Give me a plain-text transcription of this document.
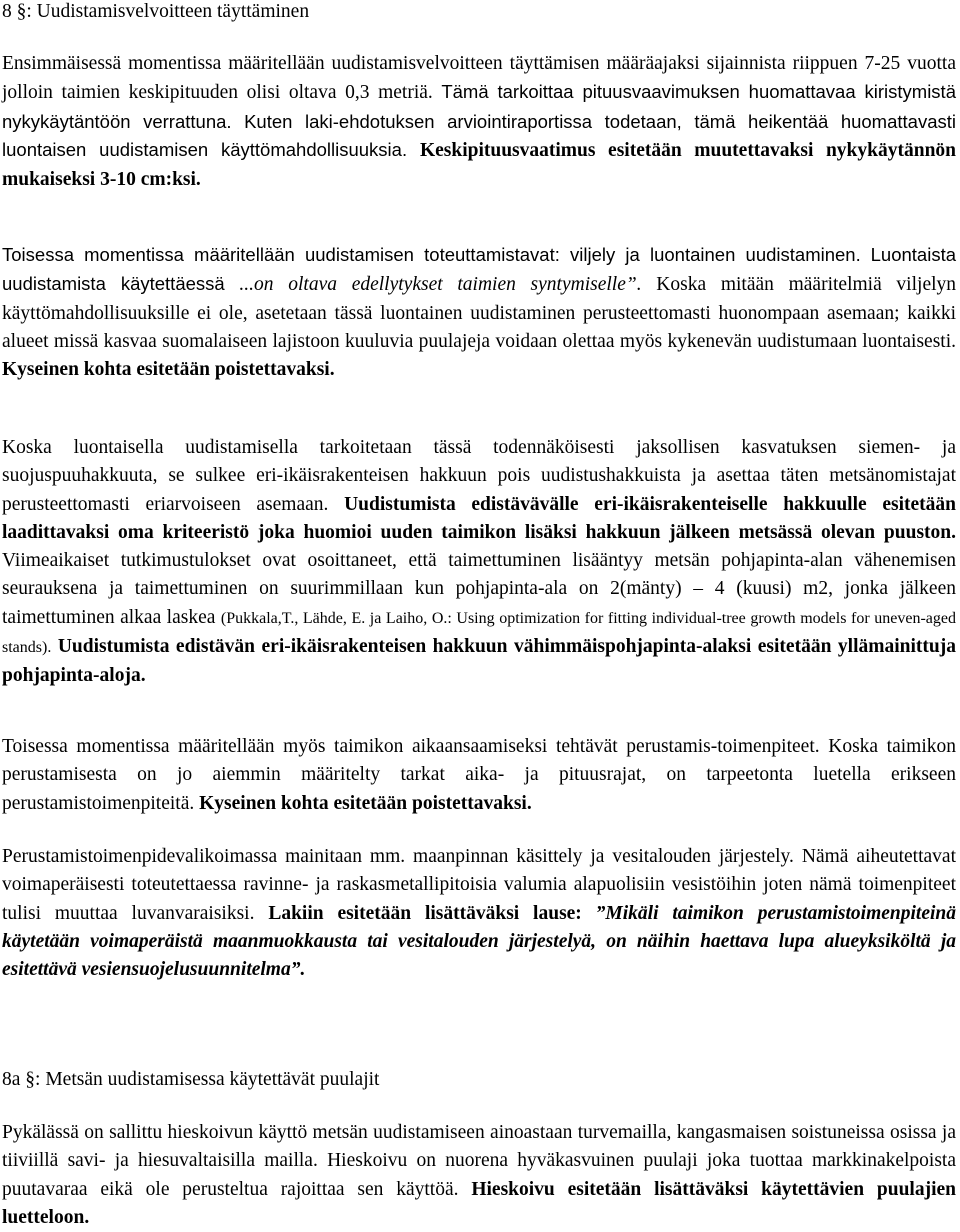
8 §: Uudistamisvelvoitteen täyttäminen

Ensimmäisessä momentissa määritellään uudistamisvelvoitteen täyttämisen määräajaksi sijainnista riippuen 7-25 vuotta jolloin taimien keskipituuden olisi oltava 0,3 metriä. Tämä tarkoittaa pituusvaavimuksen huomattavaa kiristymistä nykykäytäntöön verrattuna. Kuten laki-ehdotuksen arviointiraportissa todetaan, tämä heikentää huomattavasti luontaisen uudistamisen käyttömahdollisuuksia. Keskipituusvaatimus esitetään muutettavaksi nykykäytännön mukaiseksi 3-10 cm:ksi.

Toisessa momentissa määritellään uudistamisen toteuttamistavat: viljely ja luontainen uudistaminen. Luontaista uudistamista käytettäessä ...on oltava edellytykset taimien syntymiselle”. Koska mitään määritelmiä viljelyn käyttömahdollisuuksille ei ole, asetetaan tässä luontainen uudistaminen perusteettomasti huonompaan asemaan; kaikki alueet missä kasvaa suomalaiseen lajistoon kuuluvia puulajeja voidaan olettaa myös kykenevän uudistumaan luontaisesti. Kyseinen kohta esitetään poistettavaksi.

Koska luontaisella uudistamisella tarkoitetaan tässä todennäköisesti jaksollisen kasvatuksen siemen- ja suojuspuuhakkuuta, se sulkee eri-ikäisrakenteisen hakkuun pois uudistushakkuista ja asettaa täten metsänomistajat perusteettomasti eriarvoiseen asemaan. Uudistumista edistävävälle eri-ikäisrakenteiselle hakkuulle esitetään laadittavaksi oma kriteeristö joka huomioi uuden taimikon lisäksi hakkuun jälkeen metsässä olevan puuston. Viimeaikaiset tutkimustulokset ovat osoittaneet, että taimettuminen lisääntyy metsän pohjapinta-alan vähenemisen seurauksena ja taimettuminen on suurimmillaan kun pohjapinta-ala on 2(mänty) – 4 (kuusi) m2, jonka jälkeen taimettuminen alkaa laskea (Pukkala,T., Lähde, E. ja Laiho, O.: Using optimization for fitting individual-tree growth models for uneven-aged stands). Uudistumista edistävän eri-ikäisrakenteisen hakkuun vähimmäispohjapinta-alaksi esitetään yllämainittuja pohjapinta-aloja.

Toisessa momentissa määritellään myös taimikon aikaansaamiseksi tehtävät perustamis-toimenpiteet. Koska taimikon perustamisesta on jo aiemmin määritelty tarkat aika- ja pituusrajat, on tarpeetonta luetella erikseen perustamistoimenpiteitä. Kyseinen kohta esitetään poistettavaksi.

Perustamistoimenpidevalikoimassa mainitaan mm. maanpinnan käsittely ja vesitalouden järjestely. Nämä aiheutettavat voimaperäisesti toteutettaessa ravinne- ja raskasmetallipitoisia valumia alapuolisiin vesistöihin joten nämä toimenpiteet tulisi muuttaa luvanvaraisiksi. Lakiin esitetään lisättäväksi lause: ”Mikäli taimikon perustamistoimenpiteinä käytetään voimaperäistä maanmuokkausta tai vesitalouden järjestelyä, on näihin haettava lupa alueyksiköltä ja esitettävä vesiensuojelusuunnitelma”.

8a §: Metsän uudistamisessa käytettävät puulajit

Pykälässä on sallittu hieskoivun käyttö metsän uudistamiseen ainoastaan turvemailla, kangasmaisen soistuneissa osissa ja tiiviillä savi- ja hiesuvaltaisilla mailla. Hieskoivu on nuorena hyväkasvuinen puulaji joka tuottaa markkinakelpoista puutavaraa eikä ole perusteltua rajoittaa sen käyttöä. Hieskoivu esitetään lisättäväksi käytettävien puulajien luetteloon.
